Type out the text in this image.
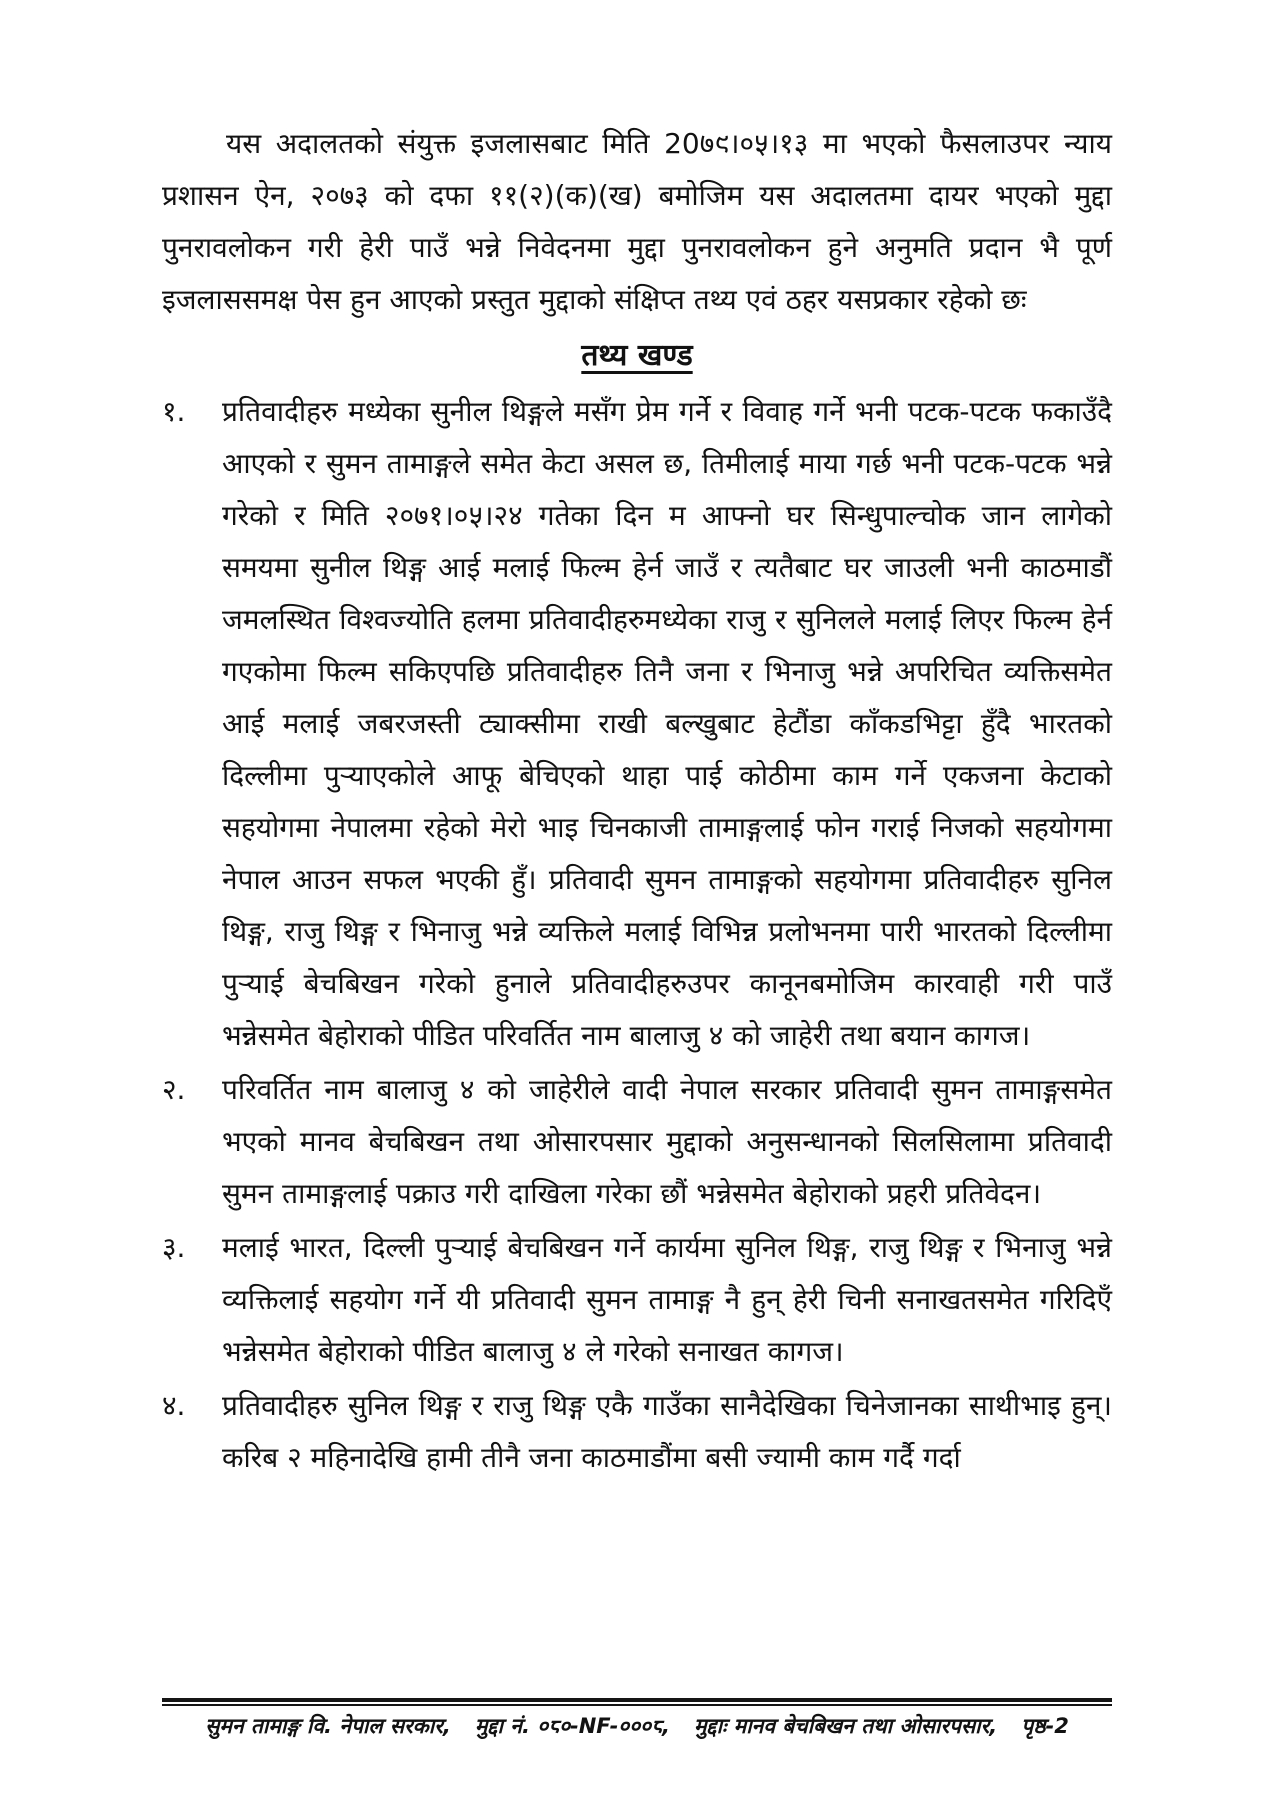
यस अदालतको संयुक्त इजलासबाट मिति 20७९।०५।१३ मा भएको फैसलाउपर न्याय प्रशासन ऐन, २०७३ को दफा ११(२)(क)(ख) बमोजिम यस अदालतमा दायर भएको मुद्दा पुनरावलोकन गरी हेरी पाउँ भन्ने निवेदनमा मुद्दा पुनरावलोकन हुने अनुमति प्रदान भै पूर्ण इजलाससमक्ष पेस हुन आएको प्रस्तुत मुद्दाको संक्षिप्त तथ्य एवं ठहर यसप्रकार रहेको छः

तथ्य खण्ड
१.	प्रतिवादीहरु मध्येका सुनील थिङ्गले मसँग प्रेम गर्ने र विवाह गर्ने भनी पटक-पटक फकाउँदै आएको र सुमन तामाङ्गले समेत केटा असल छ, तिमीलाई माया गर्छ भनी पटक-पटक भन्ने गरेको र मिति २०७१।०५।२४ गतेका दिन म आफ्नो घर सिन्धुपाल्चोक जान लागेको समयमा सुनील थिङ्ग आई मलाई फिल्म हेर्न जाउँ र त्यतैबाट घर जाउली भनी काठमाडौं जमलस्थित विश्वज्योति हलमा प्रतिवादीहरुमध्येका राजु र सुनिलले मलाई लिएर फिल्म हेर्न गएकोमा फिल्म सकिएपछि प्रतिवादीहरु तिनै जना र भिनाजु भन्ने अपरिचित व्यक्तिसमेत आई मलाई जबरजस्ती ट्याक्सीमा राखी बल्खुबाट हेटौंडा काँकडभिट्टा हुँदै भारतको दिल्लीमा पुऱ्याएकोले आफू बेचिएको थाहा पाई कोठीमा काम गर्ने एकजना केटाको सहयोगमा नेपालमा रहेको मेरो भाइ चिनकाजी तामाङ्गलाई फोन गराई निजको सहयोगमा नेपाल आउन सफल भएकी हुँ। प्रतिवादी सुमन तामाङ्गको सहयोगमा प्रतिवादीहरु सुनिल थिङ्ग, राजु थिङ्ग र भिनाजु भन्ने व्यक्तिले मलाई विभिन्न प्रलोभनमा पारी भारतको दिल्लीमा पुऱ्याई बेचबिखन गरेको हुनाले प्रतिवादीहरुउपर कानूनबमोजिम कारवाही गरी पाउँ भन्नेसमेत बेहोराको पीडित परिवर्तित नाम बालाजु ४ को जाहेरी तथा बयान कागज।
२.	परिवर्तित नाम बालाजु ४ को जाहेरीले वादी नेपाल सरकार प्रतिवादी सुमन तामाङ्गसमेत भएको मानव बेचबिखन तथा ओसारपसार मुद्दाको अनुसन्धानको सिलसिलामा प्रतिवादी सुमन तामाङ्गलाई पक्राउ गरी दाखिला गरेका छौं भन्नेसमेत बेहोराको प्रहरी प्रतिवेदन।
३.	मलाई भारत, दिल्ली पुऱ्याई बेचबिखन गर्ने कार्यमा सुनिल थिङ्ग, राजु थिङ्ग र भिनाजु भन्ने व्यक्तिलाई सहयोग गर्ने यी प्रतिवादी सुमन तामाङ्ग नै हुन् हेरी चिनी सनाखतसमेत गरिदिएँ भन्नेसमेत बेहोराको पीडित बालाजु ४ ले गरेको सनाखत कागज।
४.	प्रतिवादीहरु सुनिल थिङ्ग र राजु थिङ्ग एकै गाउँका सानैदेखिका चिनेजानका साथीभाइ हुन्। करिब २ महिनादेखि हामी तीनै जना काठमाडौंमा बसी ज्यामी काम गर्दै गर्दा
सुमन तामाङ्ग वि. नेपाल सरकार, मुद्दा नं. ०८०-NF-०००८, मुद्दाः मानव बेचबिखन तथा ओसारपसार, पृष्ठ-2
